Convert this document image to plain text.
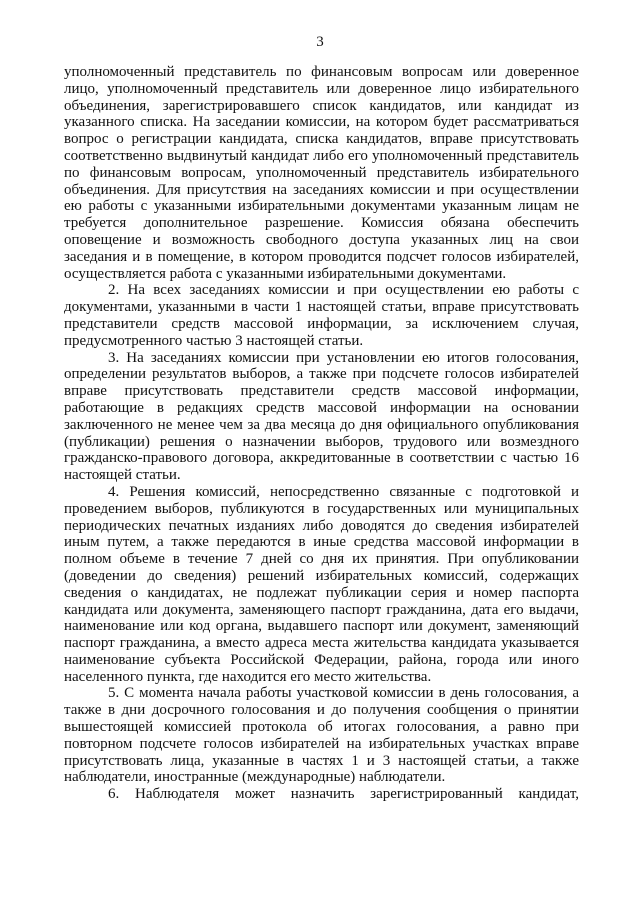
3

уполномоченный представитель по финансовым вопросам или доверенное лицо, уполномоченный представитель или доверенное лицо избирательного объединения, зарегистрировавшего список кандидатов, или кандидат из указанного списка. На заседании комиссии, на котором будет рассматриваться вопрос о регистрации кандидата, списка кандидатов, вправе присутствовать соответственно выдвинутый кандидат либо его уполномоченный представитель по финансовым вопросам, уполномоченный представитель избирательного объединения. Для присутствия на заседаниях комиссии и при осуществлении ею работы с указанными избирательными документами указанным лицам не требуется дополнительное разрешение. Комиссия обязана обеспечить оповещение и возможность свободного доступа указанных лиц на свои заседания и в помещение, в котором проводится подсчет голосов избирателей, осуществляется работа с указанными избирательными документами.

2. На всех заседаниях комиссии и при осуществлении ею работы с документами, указанными в части 1 настоящей статьи, вправе присутствовать представители средств массовой информации, за исключением случая, предусмотренного частью 3 настоящей статьи.

3. На заседаниях комиссии при установлении ею итогов голосования, определении результатов выборов, а также при подсчете голосов избирателей вправе присутствовать представители средств массовой информации, работающие в редакциях средств массовой информации на основании заключенного не менее чем за два месяца до дня официального опубликования (публикации) решения о назначении выборов, трудового или возмездного гражданско-правового договора, аккредитованные в соответствии с частью 16 настоящей статьи.

4. Решения комиссий, непосредственно связанные с подготовкой и проведением выборов, публикуются в государственных или муниципальных периодических печатных изданиях либо доводятся до сведения избирателей иным путем, а также передаются в иные средства массовой информации в полном объеме в течение 7 дней со дня их принятия. При опубликовании (доведении до сведения) решений избирательных комиссий, содержащих сведения о кандидатах, не подлежат публикации серия и номер паспорта кандидата или документа, заменяющего паспорт гражданина, дата его выдачи, наименование или код органа, выдавшего паспорт или документ, заменяющий паспорт гражданина, а вместо адреса места жительства кандидата указывается наименование субъекта Российской Федерации, района, города или иного населенного пункта, где находится его место жительства.

5. С момента начала работы участковой комиссии в день голосования, а также в дни досрочного голосования и до получения сообщения о принятии вышестоящей комиссией протокола об итогах голосования, а равно при повторном подсчете голосов избирателей на избирательных участках вправе присутствовать лица, указанные в частях 1 и 3 настоящей статьи, а также наблюдатели, иностранные (международные) наблюдатели.

6. Наблюдателя может назначить зарегистрированный кандидат,
